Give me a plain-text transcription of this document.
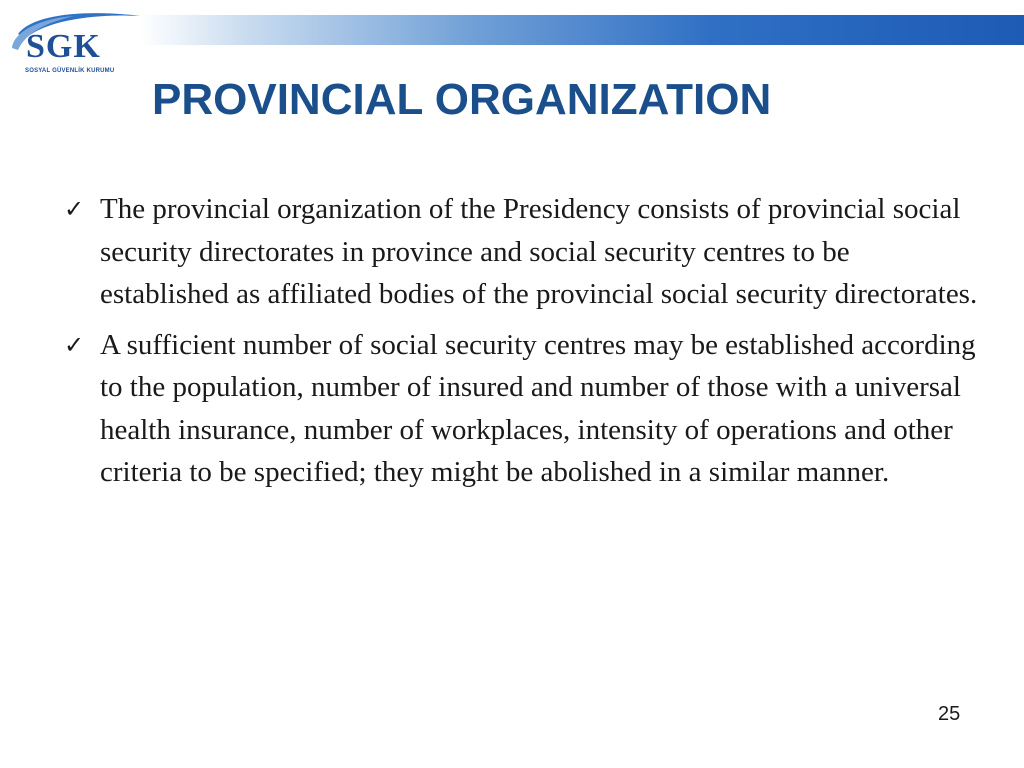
SGK
SOSYAL GÜVENLİK KURUMU
PROVINCIAL ORGANIZATION
✓ The provincial organization of the Presidency consists of provincial social security directorates in province and social security centres to be established as affiliated bodies of the provincial social security directorates.
✓ A sufficient number of social security centres may be established according to the population, number of insured and number of those with a universal health insurance, number of workplaces, intensity of operations and other criteria to be specified; they might be abolished in a similar manner.
25
